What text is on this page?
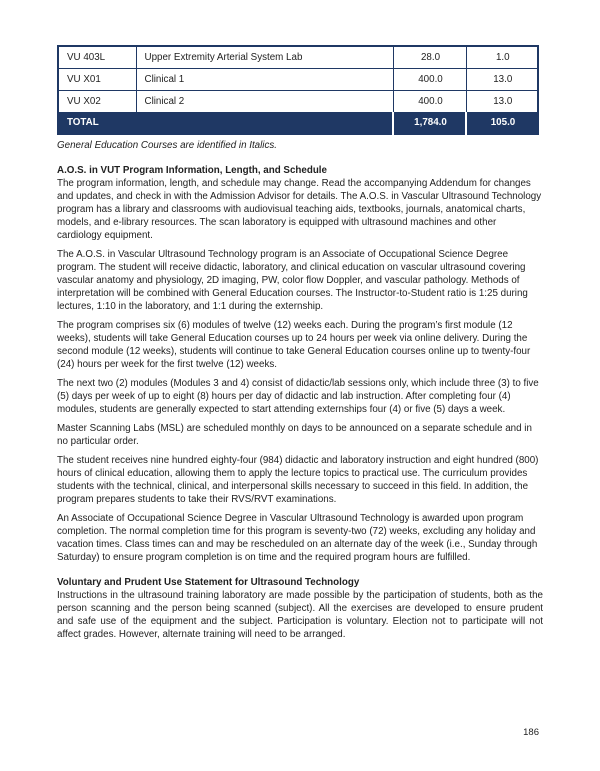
VU 403L	Upper Extremity Arterial System Lab	28.0	1.0
VU X01	Clinical 1	400.0	13.0
VU X02	Clinical 2	400.0	13.0
TOTAL		1,784.0	105.0

General Education Courses are identified in Italics.

A.O.S. in VUT Program Information, Length, and Schedule

The program information, length, and schedule may change. Read the accompanying Addendum for changes and updates, and check in with the Admission Advisor for details. The A.O.S. in Vascular Ultrasound Technology program has a library and classrooms with audiovisual teaching aids, textbooks, journals, anatomical charts, models, and e-library resources. The scan laboratory is equipped with ultrasound machines and other cardiology equipment.

The A.O.S. in Vascular Ultrasound Technology program is an Associate of Occupational Science Degree program. The student will receive didactic, laboratory, and clinical education on vascular ultrasound covering vascular anatomy and physiology, 2D imaging, PW, color flow Doppler, and vascular pathology. Methods of interpretation will be combined with General Education courses. The Instructor-to-Student ratio is 1:25 during lectures, 1:10 in the laboratory, and 1:1 during the externship.

The program comprises six (6) modules of twelve (12) weeks each. During the program’s first module (12 weeks), students will take General Education courses up to 24 hours per week via online delivery. During the second module (12 weeks), students will continue to take General Education courses online up to twenty-four (24) hours per week for the first twelve (12) weeks.

The next two (2) modules (Modules 3 and 4) consist of didactic/lab sessions only, which include three (3) to five (5) days per week of up to eight (8) hours per day of didactic and lab instruction. After completing four (4) modules, students are generally expected to start attending externships four (4) or five (5) days a week.

Master Scanning Labs (MSL) are scheduled monthly on days to be announced on a separate schedule and in no particular order.

The student receives nine hundred eighty-four (984) didactic and laboratory instruction and eight hundred (800) hours of clinical education, allowing them to apply the lecture topics to practical use. The curriculum provides students with the technical, clinical, and interpersonal skills necessary to succeed in this field. In addition, the program prepares students to take their RVS/RVT examinations.

An Associate of Occupational Science Degree in Vascular Ultrasound Technology is awarded upon program completion. The normal completion time for this program is seventy-two (72) weeks, excluding any holiday and vacation times. Class times can and may be rescheduled on an alternate day of the week (i.e., Sunday through Saturday) to ensure program completion is on time and the required program hours are fulfilled.

Voluntary and Prudent Use Statement for Ultrasound Technology

Instructions in the ultrasound training laboratory are made possible by the participation of students, both as the person scanning and the person being scanned (subject). All the exercises are developed to ensure prudent and safe use of the equipment and the subject. Participation is voluntary. Election not to participate will not affect grades. However, alternate training will need to be arranged.

186
